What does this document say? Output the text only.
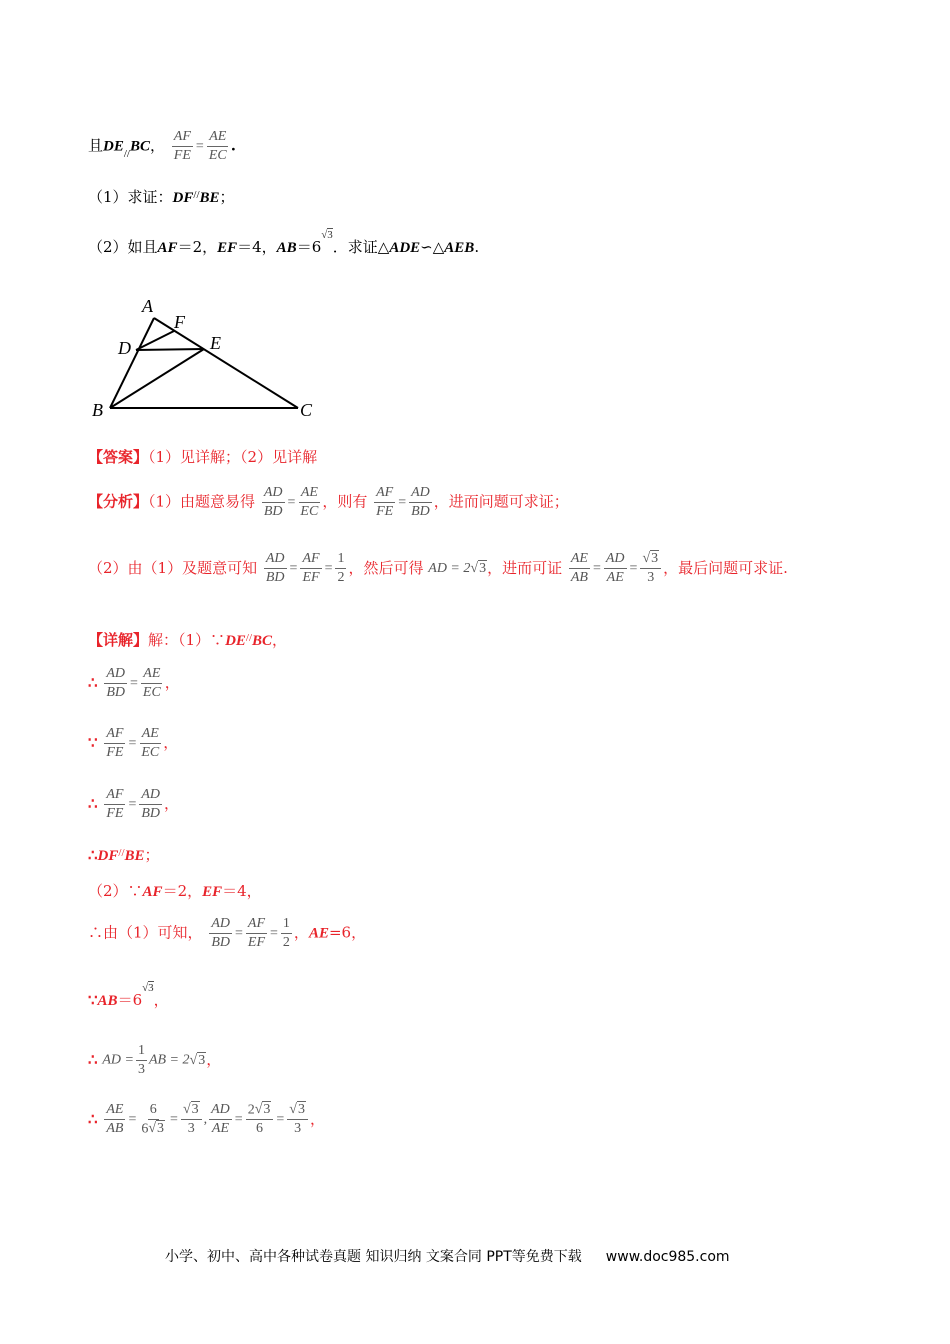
且$DE_{//}BC$， $\frac{AF}{FE} = \frac{AE}{EC}$ .
（1）求证：DF//BE；
（2）如且AF＝2，EF＝4，AB＝6√3．求证△ADE∽△AEB.
A
F
D	E
B	C
【答案】（1）见详解；（2）见详解
【分析】（1）由题意易得 $\frac{AD}{BD} = \frac{AE}{EC}$ ，则有 $\frac{AF}{FE} = \frac{AD}{BD}$ ，进而问题可求证；
（2）由（1）及题意可知 $\frac{AD}{BD} = \frac{AF}{EF} = \frac{1}{2}$ ，然后可得 AD = 2√3，进而可证 $\frac{AE}{AB} = \frac{AD}{AE} = \frac{√3}{3}$ ，最后问题可求证.
【详解】解：（1）∵DE//BC，
∴ $\frac{AD}{BD} = \frac{AE}{EC}$ ，
∵ $\frac{AF}{FE} = \frac{AE}{EC}$ ，
∴ $\frac{AF}{FE} = \frac{AD}{BD}$ ，
∴DF//BE；
（2）∵AF＝2，EF＝4，
∴由（1）可知， $\frac{AD}{BD} = \frac{AF}{EF} = \frac{1}{2}$ ，AE=6，
∵AB＝6√3，
∴ AD = $\frac{1}{3}$ AB = 2√3，
∴ $\frac{AE}{AB} = \frac{6}{6√3} = \frac{√3}{3}$ , $\frac{AD}{AE} = \frac{2√3}{6} = \frac{√3}{3}$ ，
小学、初中、高中各种试卷真题 知识归纳 文案合同 PPT等免费下载 www.doc985.com
